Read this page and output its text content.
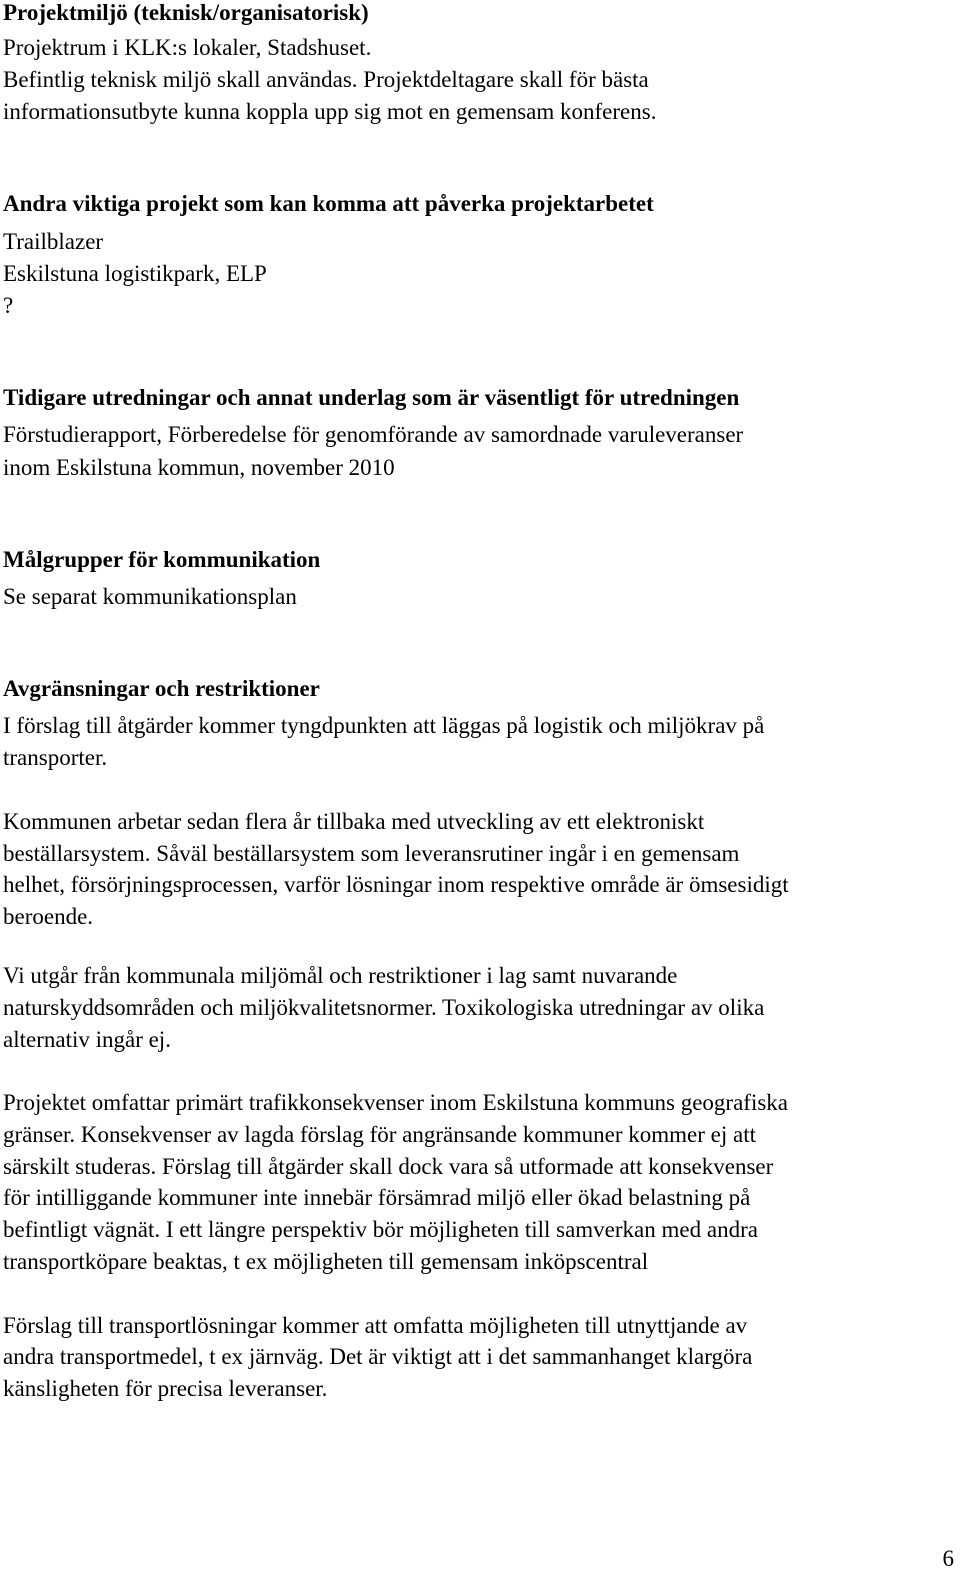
Projektmiljö (teknisk/organisatorisk)
Projektrum i KLK:s lokaler, Stadshuset.
Befintlig teknisk miljö skall användas. Projektdeltagare skall för bästa
informationsutbyte kunna koppla upp sig mot en gemensam konferens.
Andra viktiga projekt som kan komma att påverka projektarbetet
Trailblazer
Eskilstuna logistikpark, ELP
?
Tidigare utredningar och annat underlag som är väsentligt för utredningen
Förstudierapport, Förberedelse för genomförande av samordnade varuleveranser
inom Eskilstuna kommun, november 2010
Målgrupper för kommunikation
Se separat kommunikationsplan
Avgränsningar och restriktioner
I förslag till åtgärder kommer tyngdpunkten att läggas på logistik och miljökrav på
transporter.
Kommunen arbetar sedan flera år tillbaka med utveckling av ett elektroniskt
beställarsystem. Såväl beställarsystem som leveransrutiner ingår i en gemensam
helhet, försörjningsprocessen, varför lösningar inom respektive område är ömsesidigt
beroende.
Vi utgår från kommunala miljömål och restriktioner i lag samt nuvarande
naturskyddsområden och miljökvalitetsnormer. Toxikologiska utredningar av olika
alternativ ingår ej.
Projektet omfattar primärt trafikkonsekvenser inom Eskilstuna kommuns geografiska
gränser. Konsekvenser av lagda förslag för angränsande kommuner kommer ej att
särskilt studeras. Förslag till åtgärder skall dock vara så utformade att konsekvenser
för intilliggande kommuner inte innebär försämrad miljö eller ökad belastning på
befintligt vägnät. I ett längre perspektiv bör möjligheten till samverkan med andra
transportköpare beaktas, t ex möjligheten till gemensam inköpscentral
Förslag till transportlösningar kommer att omfatta möjligheten till utnyttjande av
andra transportmedel, t ex järnväg. Det är viktigt att i det sammanhanget klargöra
känsligheten för precisa leveranser.
6
